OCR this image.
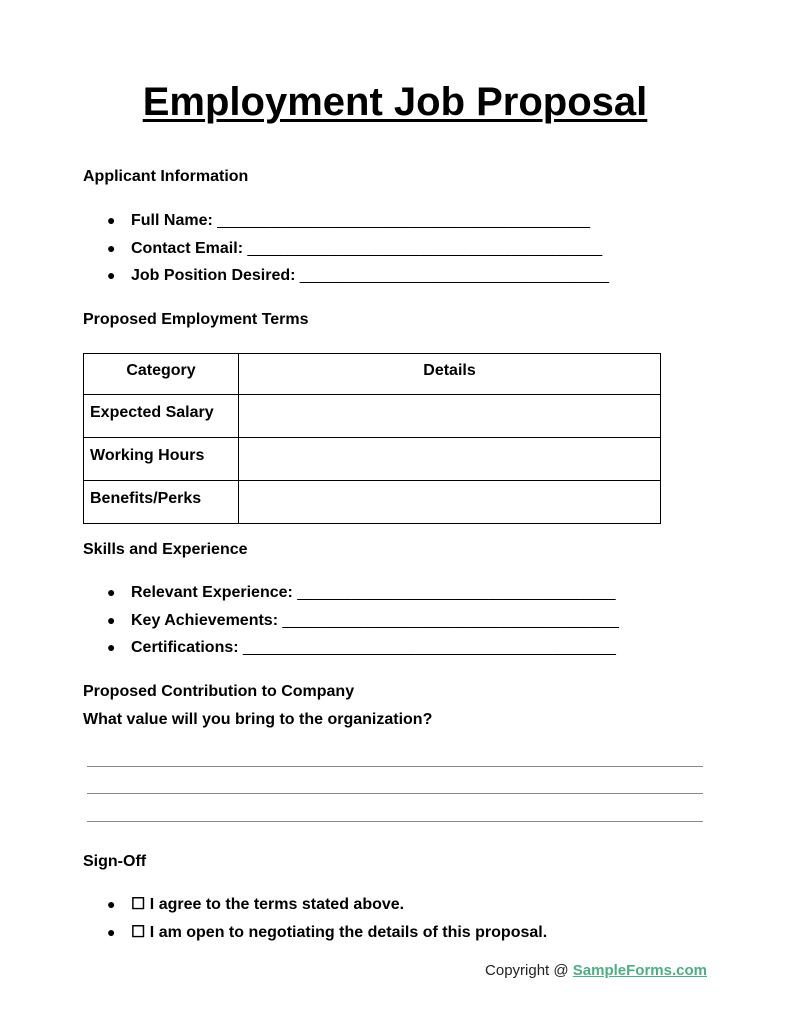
Employment Job Proposal

Applicant Information

● Full Name: _________________________________________
● Contact Email: _______________________________________
● Job Position Desired: __________________________________

Proposed Employment Terms

Category	Details
Expected Salary	
Working Hours	
Benefits/Perks	

Skills and Experience

● Relevant Experience: ___________________________________
● Key Achievements: _____________________________________
● Certifications: _________________________________________

Proposed Contribution to Company

What value will you bring to the organization?

Sign-Off

● ☐ I agree to the terms stated above.
● ☐ I am open to negotiating the details of this proposal.
Copyright @ SampleForms.com
